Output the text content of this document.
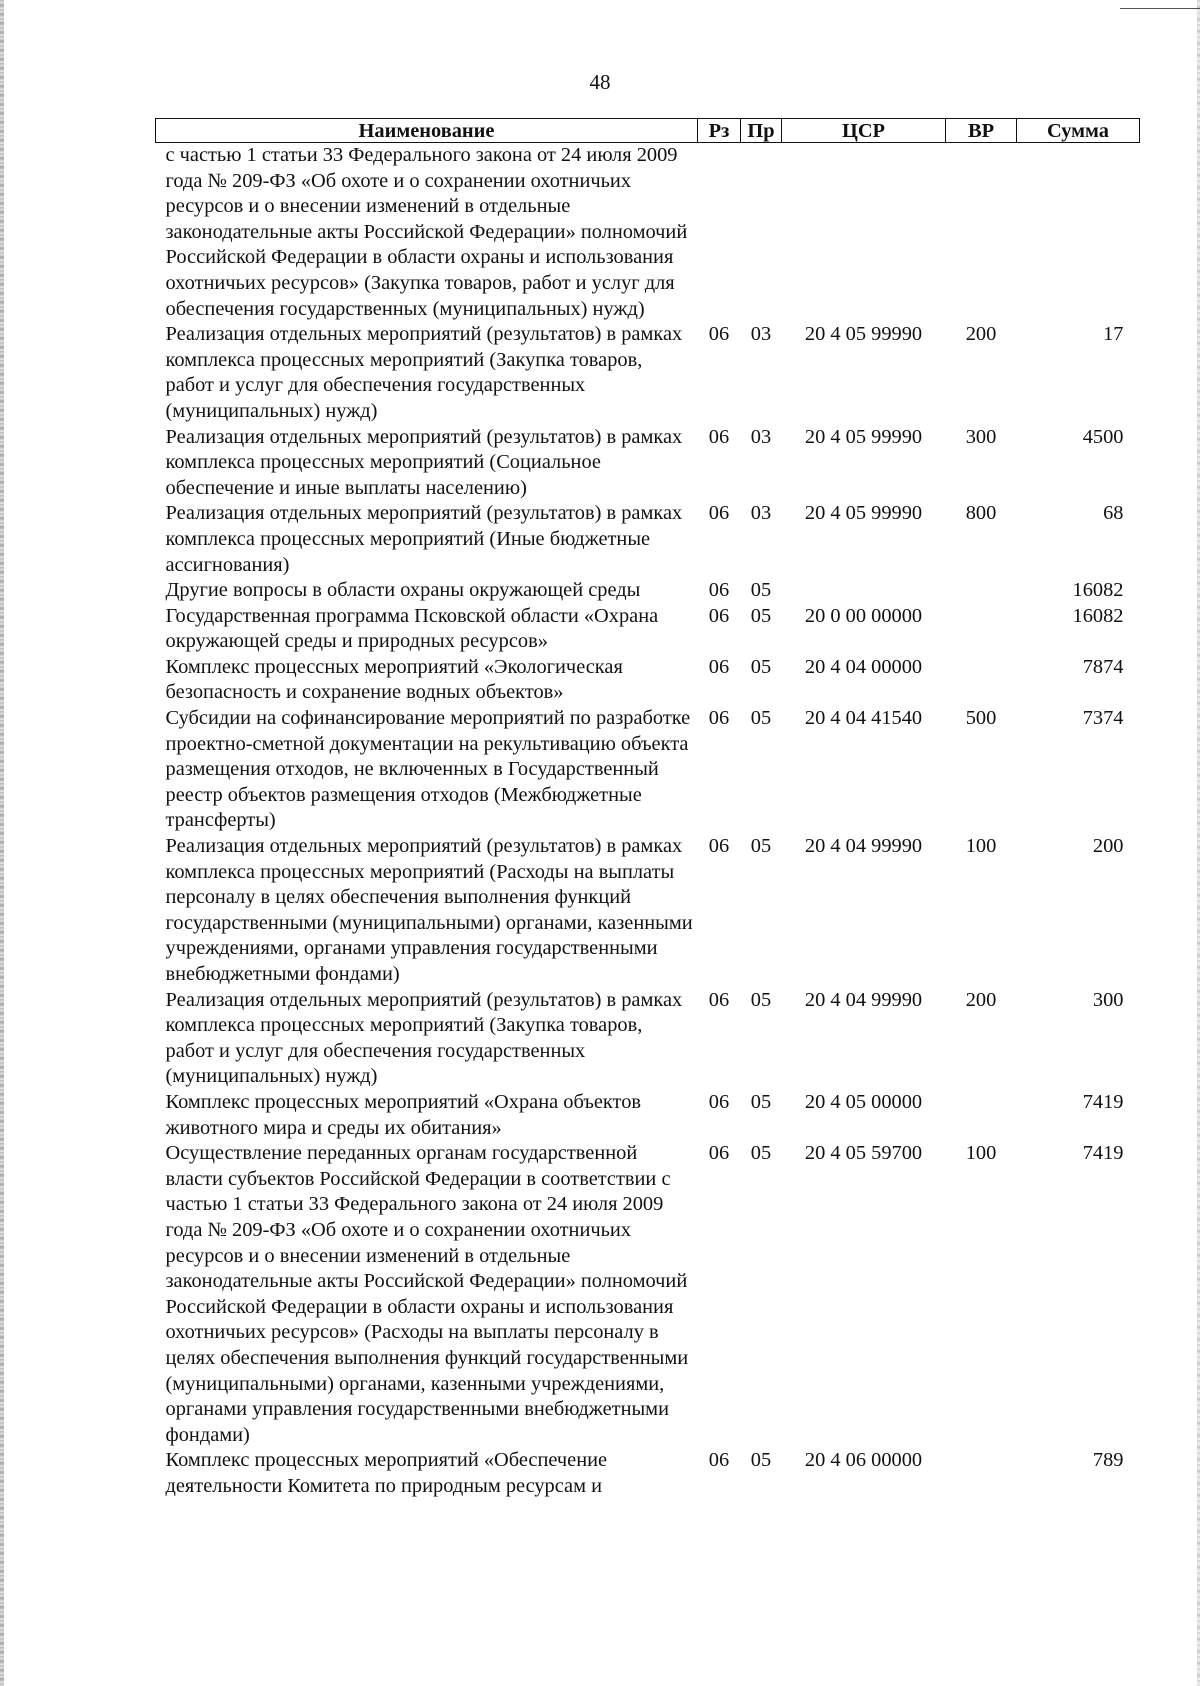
48
Наименование	Рз	Пр	ЦСР	ВР	Сумма
с частью 1 статьи 33 Федерального закона от 24 июля 2009 года № 209-ФЗ «Об охоте и о сохранении охотничьих ресурсов и о внесении изменений в отдельные законодательные акты Российской Федерации» полномочий Российской Федерации в области охраны и использования охотничьих ресурсов» (Закупка товаров, работ и услуг для обеспечения государственных (муниципальных) нужд)					
Реализация отдельных мероприятий (результатов) в рамках комплекса процессных мероприятий (Закупка товаров, работ и услуг для обеспечения государственных (муниципальных) нужд)	06	03	20 4 05 99990	200	17
Реализация отдельных мероприятий (результатов) в рамках комплекса процессных мероприятий (Социальное обеспечение и иные выплаты населению)	06	03	20 4 05 99990	300	4500
Реализация отдельных мероприятий (результатов) в рамках комплекса процессных мероприятий (Иные бюджетные ассигнования)	06	03	20 4 05 99990	800	68
Другие вопросы в области охраны окружающей среды	06	05			16082
Государственная программа Псковской области «Охрана окружающей среды и природных ресурсов»	06	05	20 0 00 00000		16082
Комплекс процессных мероприятий «Экологическая безопасность и сохранение водных объектов»	06	05	20 4 04 00000		7874
Субсидии на софинансирование мероприятий по разработке проектно-сметной документации на рекультивацию объекта размещения отходов, не включенных в Государственный реестр объектов размещения отходов (Межбюджетные трансферты)	06	05	20 4 04 41540	500	7374
Реализация отдельных мероприятий (результатов) в рамках комплекса процессных мероприятий (Расходы на выплаты персоналу в целях обеспечения выполнения функций государственными (муниципальными) органами, казенными учреждениями, органами управления государственными внебюджетными фондами)	06	05	20 4 04 99990	100	200
Реализация отдельных мероприятий (результатов) в рамках комплекса процессных мероприятий (Закупка товаров, работ и услуг для обеспечения государственных (муниципальных) нужд)	06	05	20 4 04 99990	200	300
Комплекс процессных мероприятий «Охрана объектов животного мира и среды их обитания»	06	05	20 4 05 00000		7419
Осуществление переданных органам государственной власти субъектов Российской Федерации в соответствии с частью 1 статьи 33 Федерального закона от 24 июля 2009 года № 209-ФЗ «Об охоте и о сохранении охотничьих ресурсов и о внесении изменений в отдельные законодательные акты Российской Федерации» полномочий Российской Федерации в области охраны и использования охотничьих ресурсов» (Расходы на выплаты персоналу в целях обеспечения выполнения функций государственными (муниципальными) органами, казенными учреждениями, органами управления государственными внебюджетными фондами)	06	05	20 4 05 59700	100	7419
Комплекс процессных мероприятий «Обеспечение деятельности Комитета по природным ресурсам и	06	05	20 4 06 00000		789
